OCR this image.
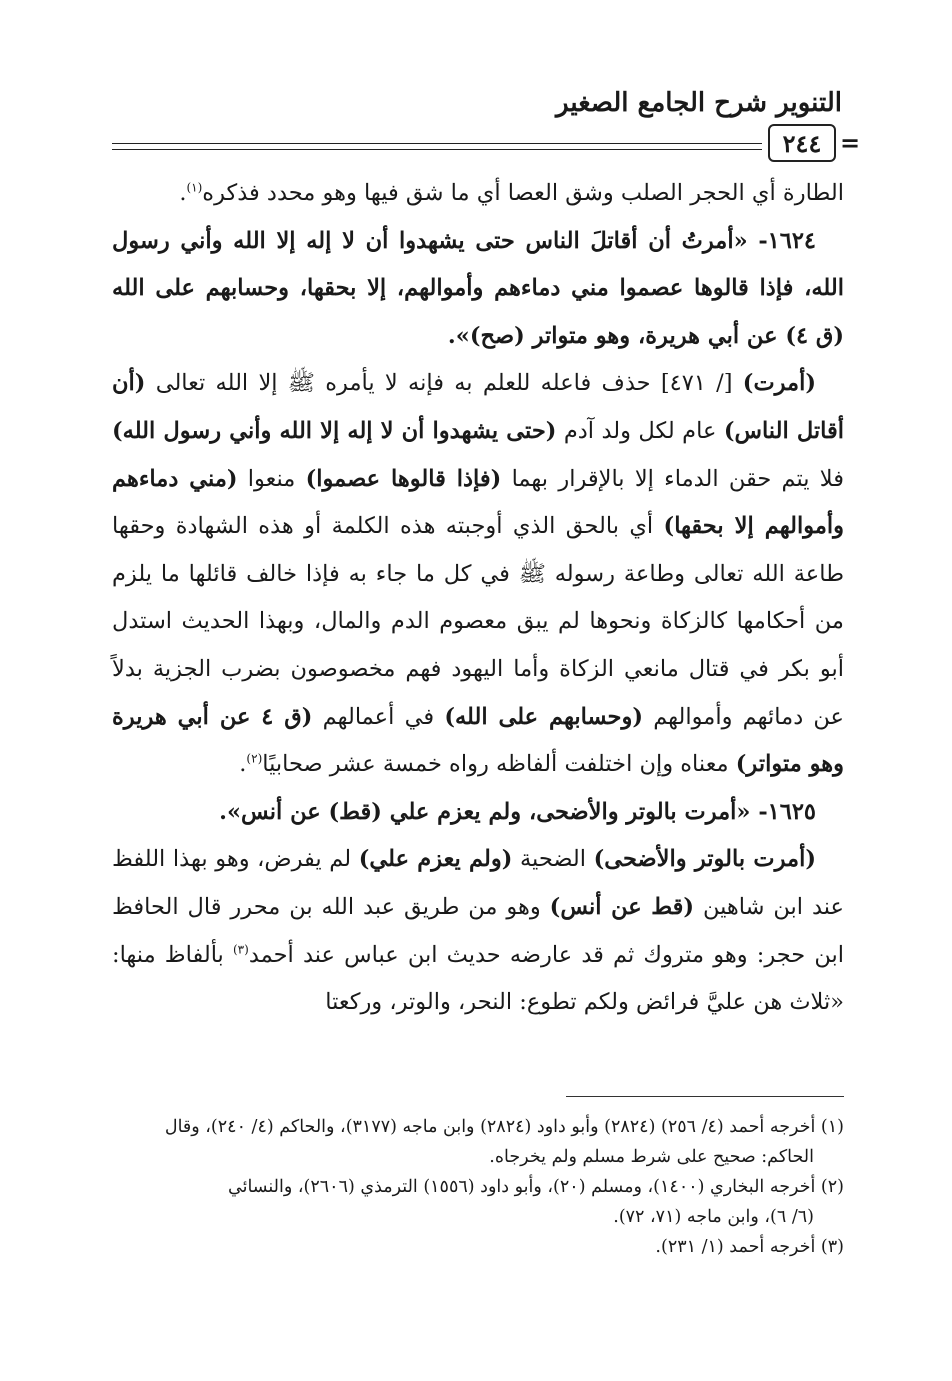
التنوير شرح الجامع الصغير
٢٤٤ =

الطارة أي الحجر الصلب وشق العصا أي ما شق فيها وهو محدد فذكره$^{(١)}$.

١٦٢٤- «أمرتُ أن أقاتلَ الناس حتى يشهدوا أن لا إله إلا الله وأني رسول الله، فإذا قالوها عصموا مني دماءهم وأموالهم، إلا بحقها، وحسابهم على الله (ق ٤) عن أبي هريرة، وهو متواتر (صح)».

(أمرت) [/ ٤٧١] حذف فاعله للعلم به فإنه لا يأمره ﷺ إلا الله تعالى (أن أقاتل الناس) عام لكل ولد آدم (حتى يشهدوا أن لا إله إلا الله وأني رسول الله) فلا يتم حقن الدماء إلا بالإقرار بهما (فإذا قالوها عصموا) منعوا (مني دماءهم وأموالهم إلا بحقها) أي بالحق الذي أوجبته هذه الكلمة أو هذه الشهادة وحقها طاعة الله تعالى وطاعة رسوله ﷺ في كل ما جاء به فإذا خالف قائلها ما يلزم من أحكامها كالزكاة ونحوها لم يبق معصوم الدم والمال، وبهذا الحديث استدل أبو بكر في قتال مانعي الزكاة وأما اليهود فهم مخصوصون بضرب الجزية بدلاً عن دمائهم وأموالهم (وحسابهم على الله) في أعمالهم (ق ٤ عن أبي هريرة وهو متواتر) معناه وإن اختلفت ألفاظه رواه خمسة عشر صحابيًا$^{(٢)}$.

١٦٢٥- «أمرت بالوتر والأضحى، ولم يعزم علي (قط) عن أنس».

(أمرت بالوتر والأضحى) الضحية (ولم يعزم علي) لم يفرض، وهو بهذا اللفظ عند ابن شاهين (قط عن أنس) وهو من طريق عبد الله بن محرر قال الحافظ ابن حجر: وهو متروك ثم قد عارضه حديث ابن عباس عند أحمد$^{(٣)}$ بألفاظ منها: «ثلاث هن عليَّ فرائض ولكم تطوع: النحر، والوتر، وركعتا

(١) أخرجه أحمد (٤/ ٢٥٦) (٢٨٢٤) وأبو داود (٢٨٢٤) وابن ماجه (٣١٧٧)، والحاكم (٤/ ٢٤٠)، وقال

الحاكم: صحيح على شرط مسلم ولم يخرجاه.

(٢) أخرجه البخاري (١٤٠٠)، ومسلم (٢٠)، وأبو داود (١٥٥٦) الترمذي (٢٦٠٦)، والنسائي

(٦/ ٦)، وابن ماجه (٧١، ٧٢).

(٣) أخرجه أحمد (١/ ٢٣١).
